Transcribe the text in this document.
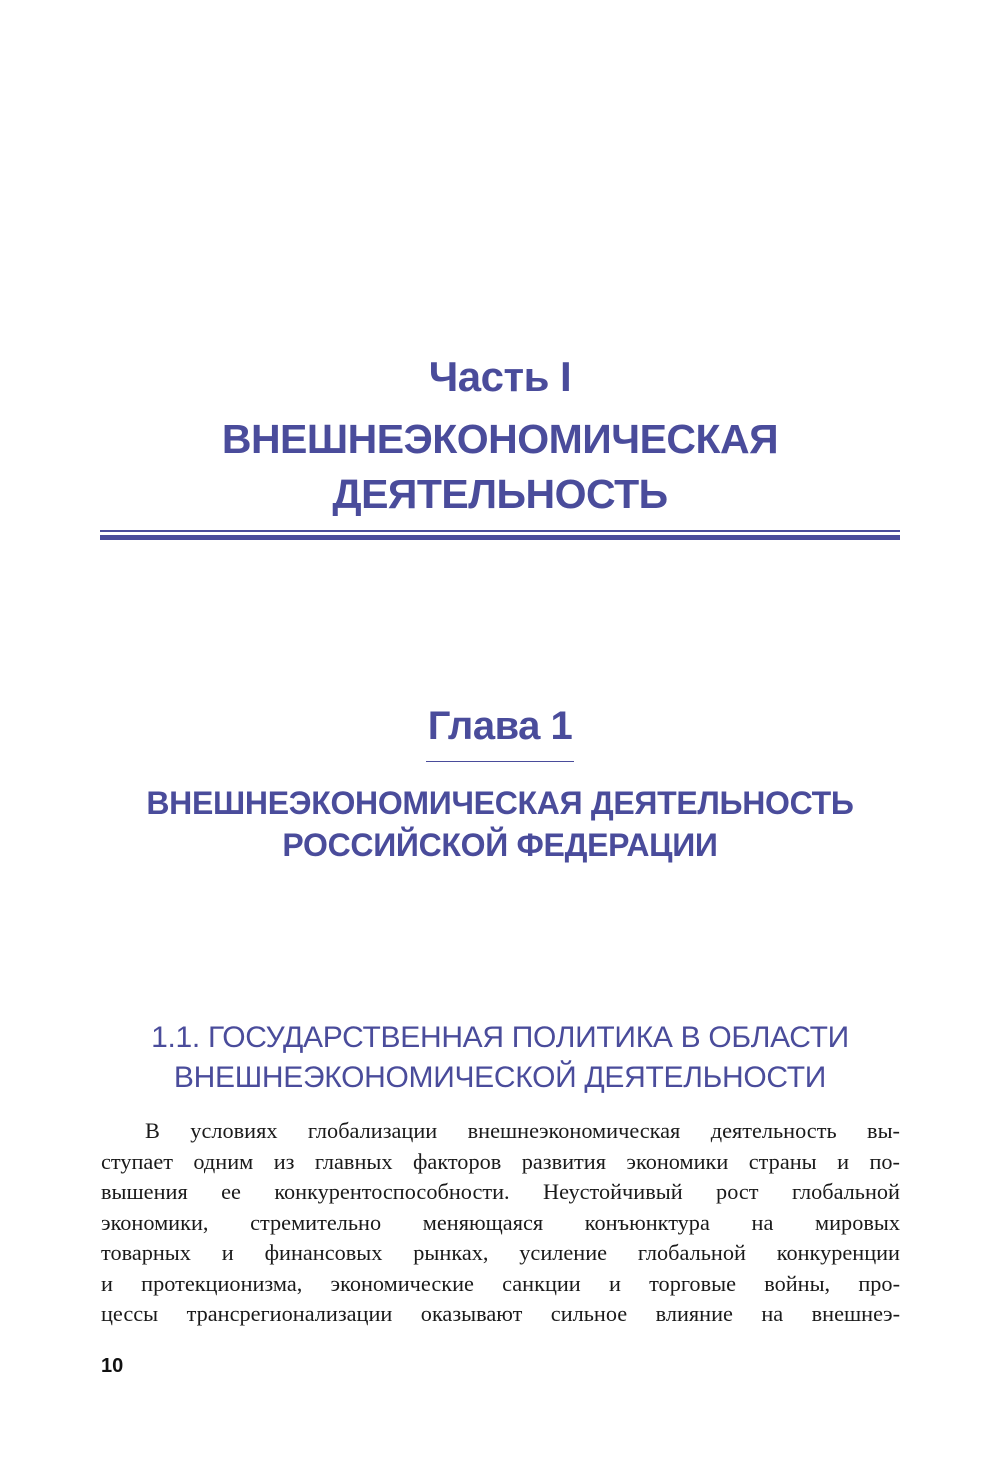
Часть I
ВНЕШНЕЭКОНОМИЧЕСКАЯ
ДЕЯТЕЛЬНОСТЬ
Глава 1
ВНЕШНЕЭКОНОМИЧЕСКАЯ ДЕЯТЕЛЬНОСТЬ
РОССИЙСКОЙ ФЕДЕРАЦИИ
1.1. ГОСУДАРСТВЕННАЯ ПОЛИТИКА В ОБЛАСТИ
ВНЕШНЕЭКОНОМИЧЕСКОЙ ДЕЯТЕЛЬНОСТИ

В условиях глобализации внешнеэкономическая деятельность вы-
ступает одним из главных факторов развития экономики страны и по-
вышения ее конкурентоспособности. Неустойчивый рост глобальной
экономики, стремительно меняющаяся конъюнктура на мировых
товарных и финансовых рынках, усиление глобальной конкуренции
и протекционизма, экономические санкции и торговые войны, про-
цессы трансрегионализации оказывают сильное влияние на внешнеэ-

10
